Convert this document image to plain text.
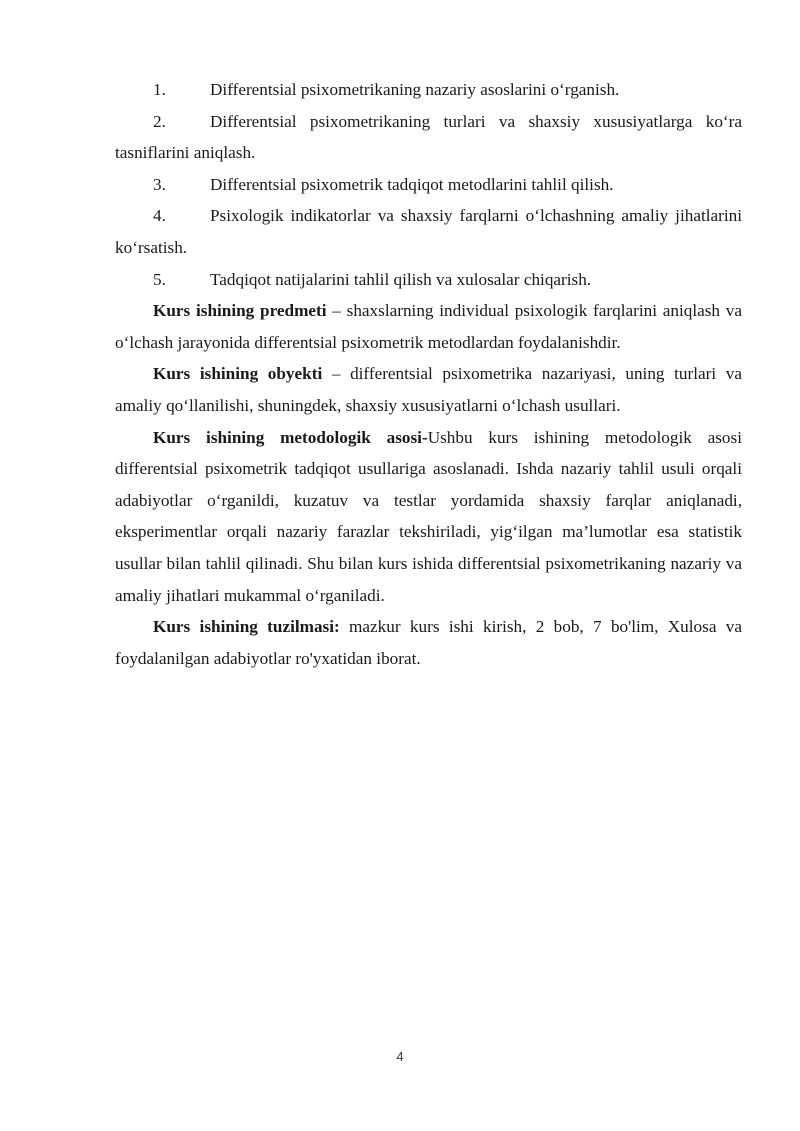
1.	Differentsial psixometrikaning nazariy asoslarini o‘rganish.

2.	Differentsial psixometrikaning turlari va shaxsiy xususiyatlarga ko‘ra tasniflarini aniqlash.

3.	Differentsial psixometrik tadqiqot metodlarini tahlil qilish.

4.	Psixologik indikatorlar va shaxsiy farqlarni o‘lchashning amaliy jihatlarini ko‘rsatish.

5.	Tadqiqot natijalarini tahlil qilish va xulosalar chiqarish.

Kurs ishining predmeti – shaxslarning individual psixologik farqlarini aniqlash va o‘lchash jarayonida differentsial psixometrik metodlardan foydalanishdir.

Kurs ishining obyekti – differentsial psixometrika nazariyasi, uning turlari va amaliy qo‘llanilishi, shuningdek, shaxsiy xususiyatlarni o‘lchash usullari.

Kurs ishining metodologik asosi-Ushbu kurs ishining metodologik asosi differentsial psixometrik tadqiqot usullariga asoslanadi. Ishda nazariy tahlil usuli orqali adabiyotlar o‘rganildi, kuzatuv va testlar yordamida shaxsiy farqlar aniqlanadi, eksperimentlar orqali nazariy farazlar tekshiriladi, yig‘ilgan ma’lumotlar esa statistik usullar bilan tahlil qilinadi. Shu bilan kurs ishida differentsial psixometrikaning nazariy va amaliy jihatlari mukammal o‘rganiladi.

Kurs ishining tuzilmasi: mazkur kurs ishi kirish, 2 bob, 7 bo'lim, Xulosa va foydalanilgan adabiyotlar ro'yxatidan iborat.

4
